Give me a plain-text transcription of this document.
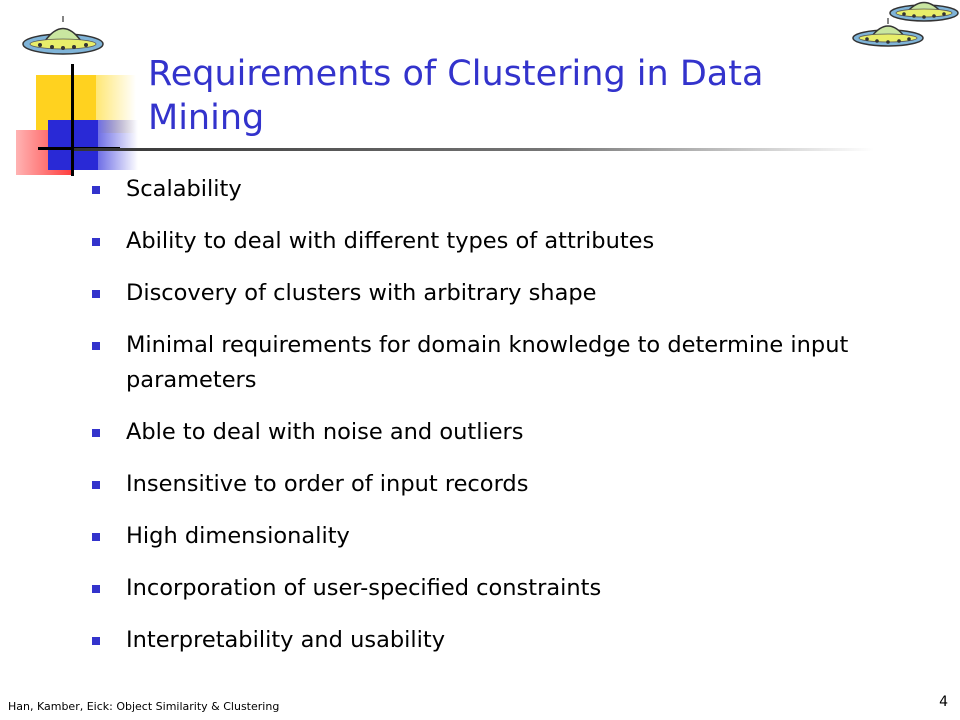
Requirements of Clustering in Data Mining
Scalability
Ability to deal with different types of attributes
Discovery of clusters with arbitrary shape
Minimal requirements for domain knowledge to determine input parameters
Able to deal with noise and outliers
Insensitive to order of input records
High dimensionality
Incorporation of user-specified constraints
Interpretability and usability
Han, Kamber, Eick: Object Similarity & Clustering	4
